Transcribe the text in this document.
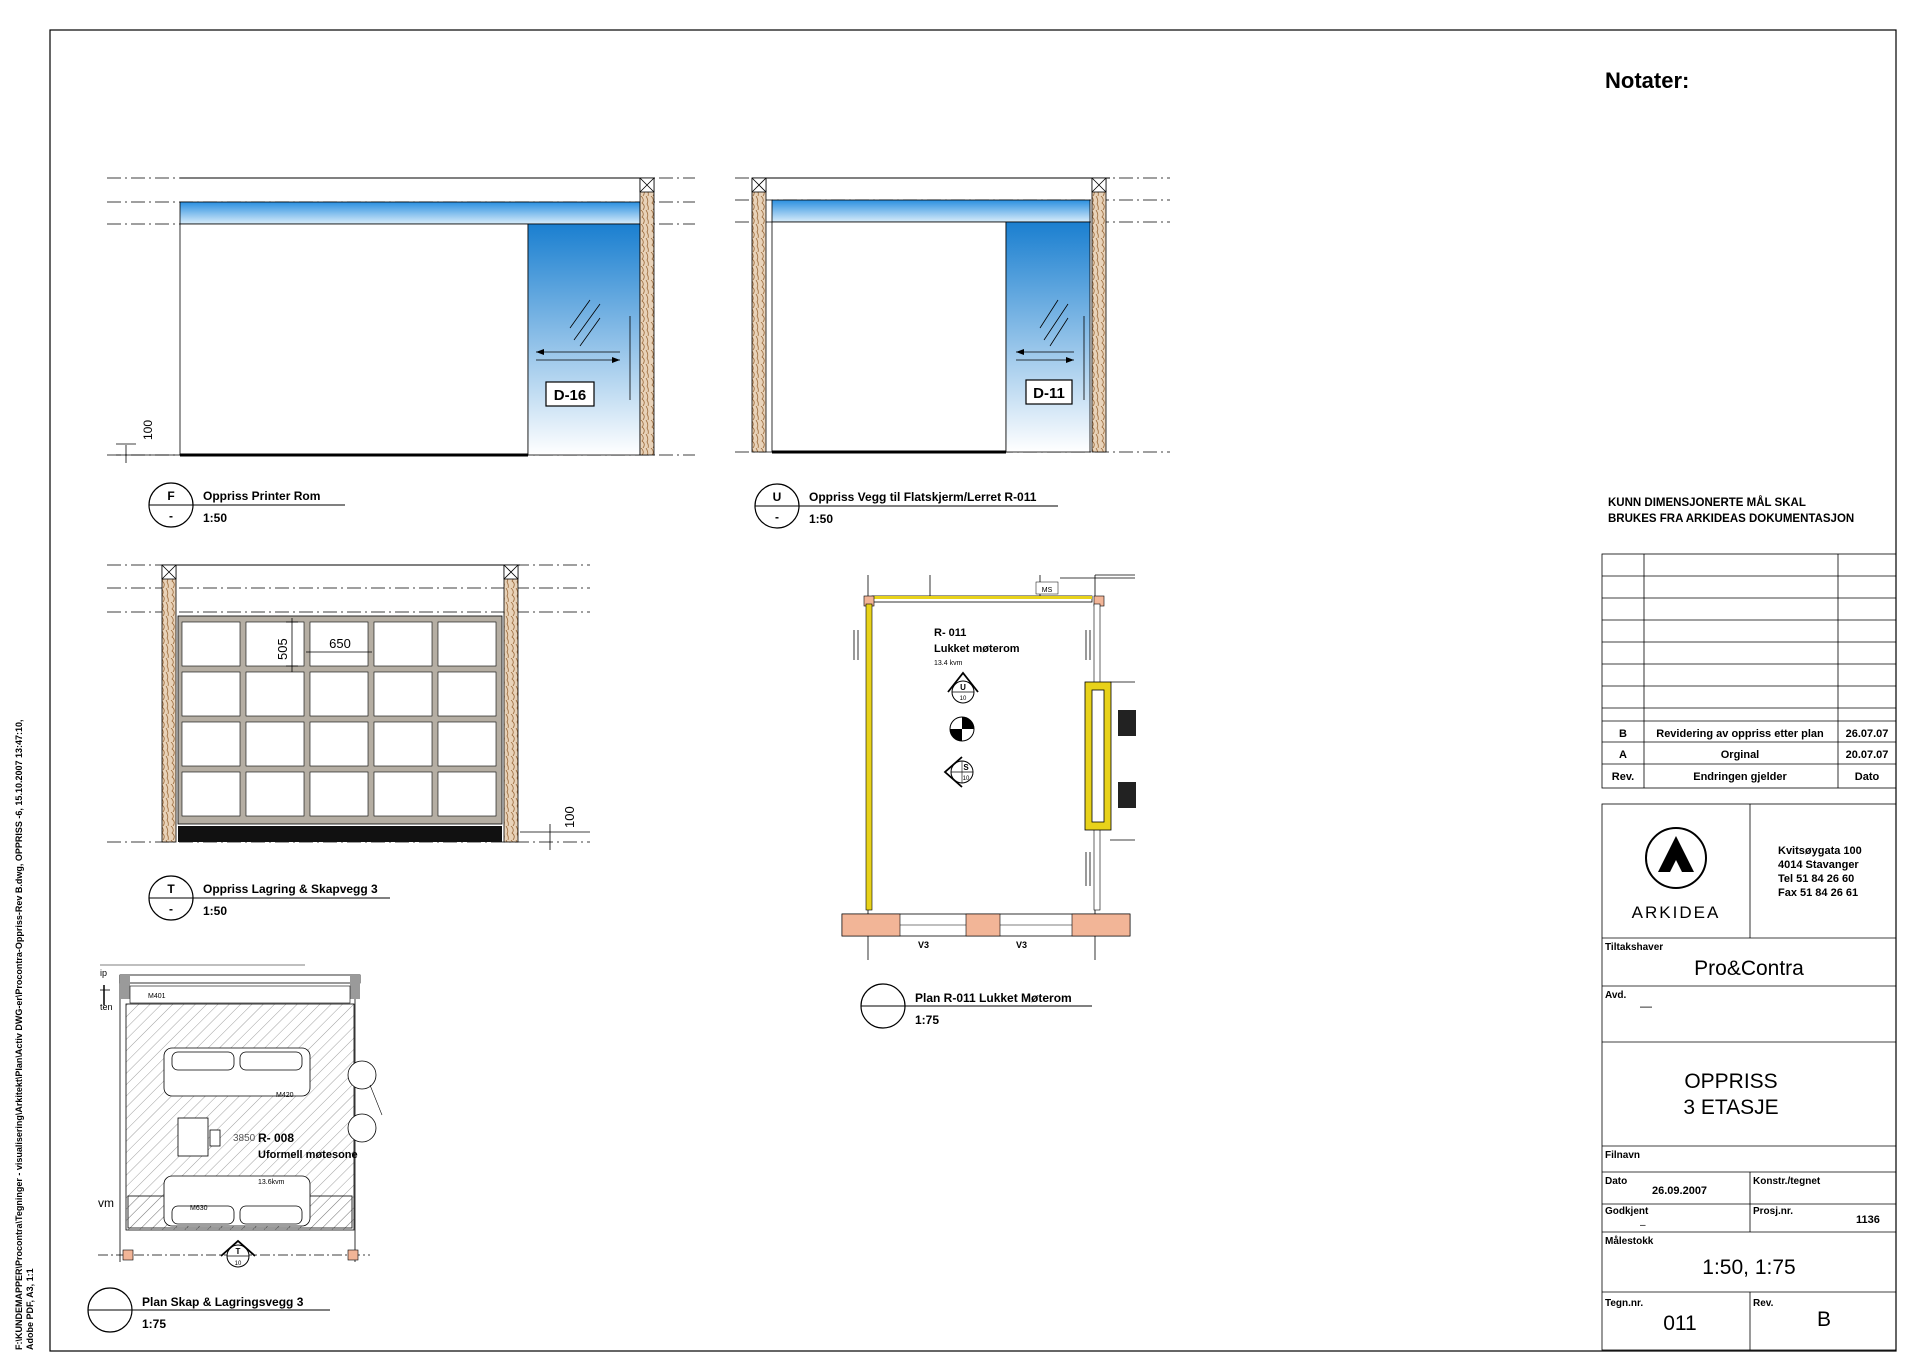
F:\KUNDEMAPPER\Procontra\Tegninger - visualisering\Arkitekt\Plan\Activ DWG-er\Procontra-Oppriss-Rev B.dwg, OPPRISS -6, 15.10.2007 13:47:10, Adobe PDF, A3, 1:1
Notater:
KUNN DIMENSJONERTE MÅL SKAL
BRUKES FRA ARKIDEAS DOKUMENTASJON
D-16
100
F
-
Oppriss Printer Rom
1:50
D-11
U
-
Oppriss Vegg til Flatskjerm/Lerret R-011
1:50
505	650
100
T
-
Oppriss Lagring & Skapvegg 3
1:50
MS
V3	V3
R- 011
Lukket møterom
13.4 kvm
U
10
S
10
Plan R-011 Lukket Møterom
1:75
ip
ten
vm
M401
M420
M630
3850 R- 008
Uformell møtesone
13.6kvm
T
10
Plan Skap & Lagringsvegg 3
1:75
B	Revidering av oppriss etter plan 26.07.07
A	Orginal	20.07.07
Rev.	Endringen gjelder	Dato
ARKIDEA
Kvitsøygata 100
4014 Stavanger
Tel 51 84 26 60
Fax 51 84 26 61
Tiltakshaver
Pro&Contra
Avd.
—
OPPRISS
3 ETASJE
Filnavn
Dato
26.09.2007
Konstr./tegnet
Godkjent
–
Prosj.nr.
1136
Målestokk
1:50, 1:75
Tegn.nr.
011
Rev.
B
